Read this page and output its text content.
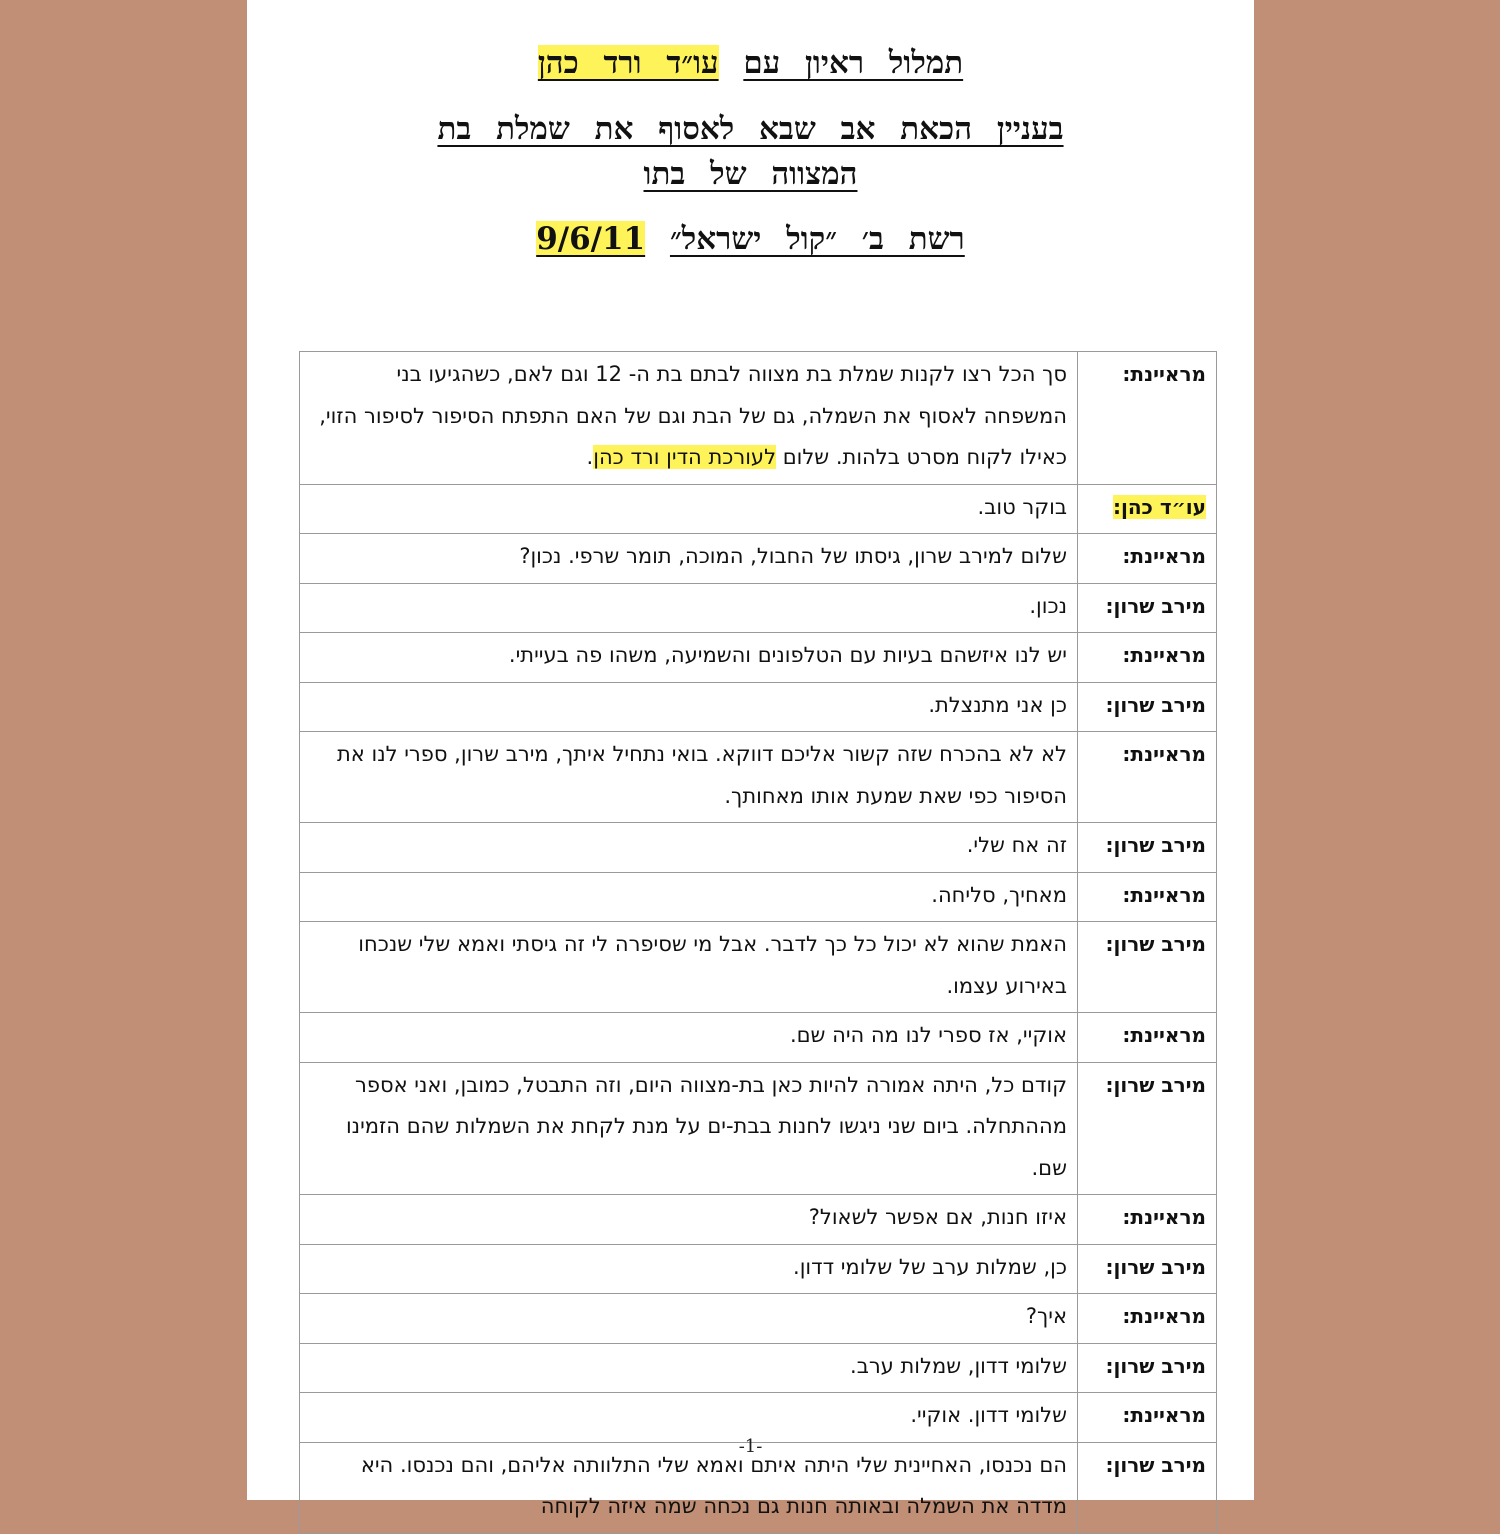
תמלול ראיון עם עו״ד ורד כהן
בעניין הכאת אב שבא לאסוף את שמלת בת
המצווה של בתו
רשת ב׳ ״קול ישראל״ 9/6/11
מראיינת:	סך הכל רצו לקנות שמלת בת מצווה לבתם בת ה- 12 וגם לאם, כשהגיעו בני המשפחה לאסוף את השמלה, גם של הבת וגם של האם התפתח הסיפור לסיפור הזוי, כאילו לקוח מסרט בלהות. שלום לעורכת הדין ורד כהן.
עו״ד כהן:	בוקר טוב.
מראיינת:	שלום למירב שרון, גיסתו של החבול, המוכה, תומר שרפי. נכון?
מירב שרון:	נכון.
מראיינת:	יש לנו איזשהם בעיות עם הטלפונים והשמיעה, משהו פה בעייתי.
מירב שרון:	כן אני מתנצלת.
מראיינת:	לא לא בהכרח שזה קשור אליכם דווקא. בואי נתחיל איתך, מירב שרון, ספרי לנו את הסיפור כפי שאת שמעת אותו מאחותך.
מירב שרון:	זה אח שלי.
מראיינת:	מאחיך, סליחה.
מירב שרון:	האמת שהוא לא יכול כל כך לדבר. אבל מי שסיפרה לי זה גיסתי ואמא שלי שנכחו באירוע עצמו.
מראיינת:	אוקיי, אז ספרי לנו מה היה שם.
מירב שרון:	קודם כל, היתה אמורה להיות כאן בת-מצווה היום, וזה התבטל, כמובן, ואני אספר מההתחלה. ביום שני ניגשו לחנות בבת-ים על מנת לקחת את השמלות שהם הזמינו שם.
מראיינת:	איזו חנות, אם אפשר לשאול?
מירב שרון:	כן, שמלות ערב של שלומי דדון.
מראיינת:	איך?
מירב שרון:	שלומי דדון, שמלות ערב.
מראיינת:	שלומי דדון. אוקיי.
מירב שרון:	הם נכנסו, האחיינית שלי היתה איתם ואמא שלי התלוותה אליהם, והם נכנסו. היא מדדה את השמלה ובאותה חנות גם נכחה שמה איזה לקוחה
-1-
